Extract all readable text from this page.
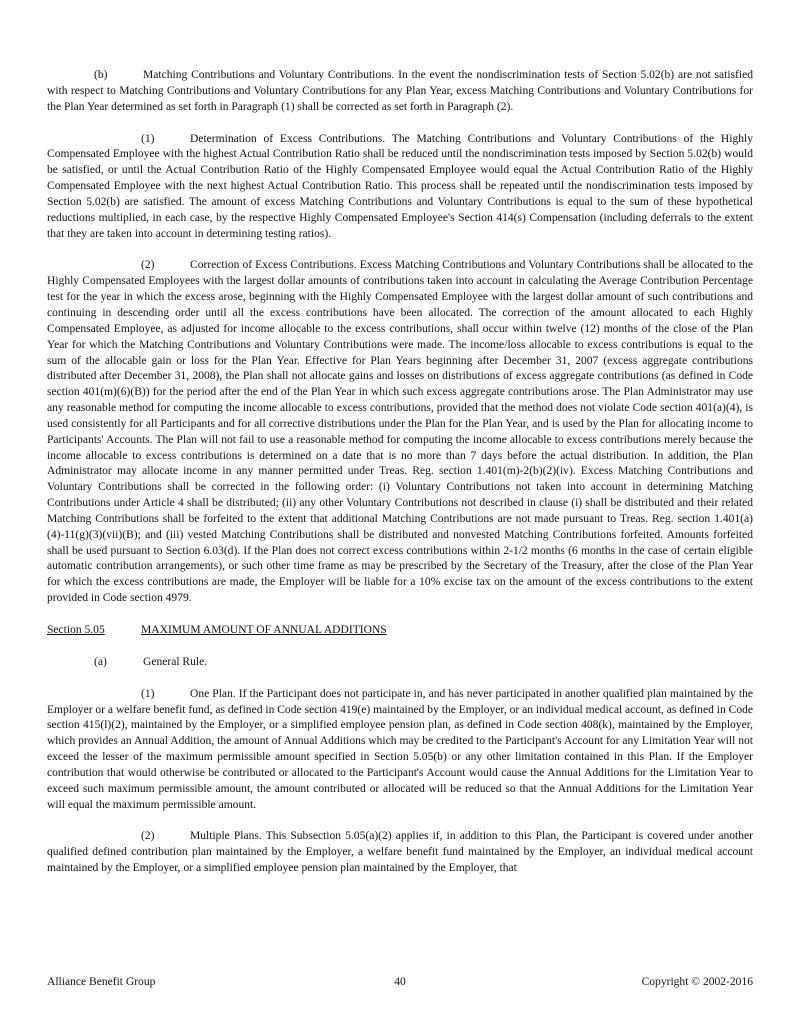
(b)	Matching Contributions and Voluntary Contributions. In the event the nondiscrimination tests of Section 5.02(b) are not satisfied with respect to Matching Contributions and Voluntary Contributions for any Plan Year, excess Matching Contributions and Voluntary Contributions for the Plan Year determined as set forth in Paragraph (1) shall be corrected as set forth in Paragraph (2).

(1)	Determination of Excess Contributions. The Matching Contributions and Voluntary Contributions of the Highly Compensated Employee with the highest Actual Contribution Ratio shall be reduced until the nondiscrimination tests imposed by Section 5.02(b) would be satisfied, or until the Actual Contribution Ratio of the Highly Compensated Employee would equal the Actual Contribution Ratio of the Highly Compensated Employee with the next highest Actual Contribution Ratio. This process shall be repeated until the nondiscrimination tests imposed by Section 5.02(b) are satisfied. The amount of excess Matching Contributions and Voluntary Contributions is equal to the sum of these hypothetical reductions multiplied, in each case, by the respective Highly Compensated Employee's Section 414(s) Compensation (including deferrals to the extent that they are taken into account in determining testing ratios).

(2)	Correction of Excess Contributions. Excess Matching Contributions and Voluntary Contributions shall be allocated to the Highly Compensated Employees with the largest dollar amounts of contributions taken into account in calculating the Average Contribution Percentage test for the year in which the excess arose, beginning with the Highly Compensated Employee with the largest dollar amount of such contributions and continuing in descending order until all the excess contributions have been allocated. The correction of the amount allocated to each Highly Compensated Employee, as adjusted for income allocable to the excess contributions, shall occur within twelve (12) months of the close of the Plan Year for which the Matching Contributions and Voluntary Contributions were made. The income/loss allocable to excess contributions is equal to the sum of the allocable gain or loss for the Plan Year. Effective for Plan Years beginning after December 31, 2007 (excess aggregate contributions distributed after December 31, 2008), the Plan shall not allocate gains and losses on distributions of excess aggregate contributions (as defined in Code section 401(m)(6)(B)) for the period after the end of the Plan Year in which such excess aggregate contributions arose. The Plan Administrator may use any reasonable method for computing the income allocable to excess contributions, provided that the method does not violate Code section 401(a)(4), is used consistently for all Participants and for all corrective distributions under the Plan for the Plan Year, and is used by the Plan for allocating income to Participants' Accounts. The Plan will not fail to use a reasonable method for computing the income allocable to excess contributions merely because the income allocable to excess contributions is determined on a date that is no more than 7 days before the actual distribution. In addition, the Plan Administrator may allocate income in any manner permitted under Treas. Reg. section 1.401(m)-2(b)(2)(iv). Excess Matching Contributions and Voluntary Contributions shall be corrected in the following order: (i) Voluntary Contributions not taken into account in determining Matching Contributions under Article 4 shall be distributed; (ii) any other Voluntary Contributions not described in clause (i) shall be distributed and their related Matching Contributions shall be forfeited to the extent that additional Matching Contributions are not made pursuant to Treas. Reg. section 1.401(a)(4)-11(g)(3)(vii)(B); and (iii) vested Matching Contributions shall be distributed and nonvested Matching Contributions forfeited. Amounts forfeited shall be used pursuant to Section 6.03(d). If the Plan does not correct excess contributions within 2-1/2 months (6 months in the case of certain eligible automatic contribution arrangements), or such other time frame as may be prescribed by the Secretary of the Treasury, after the close of the Plan Year for which the excess contributions are made, the Employer will be liable for a 10% excise tax on the amount of the excess contributions to the extent provided in Code section 4979.

Section 5.05	MAXIMUM AMOUNT OF ANNUAL ADDITIONS
(a)	General Rule.

(1)	One Plan. If the Participant does not participate in, and has never participated in another qualified plan maintained by the Employer or a welfare benefit fund, as defined in Code section 419(e) maintained by the Employer, or an individual medical account, as defined in Code section 415(l)(2), maintained by the Employer, or a simplified employee pension plan, as defined in Code section 408(k), maintained by the Employer, which provides an Annual Addition, the amount of Annual Additions which may be credited to the Participant's Account for any Limitation Year will not exceed the lesser of the maximum permissible amount specified in Section 5.05(b) or any other limitation contained in this Plan. If the Employer contribution that would otherwise be contributed or allocated to the Participant's Account would cause the Annual Additions for the Limitation Year to exceed such maximum permissible amount, the amount contributed or allocated will be reduced so that the Annual Additions for the Limitation Year will equal the maximum permissible amount.

(2)	Multiple Plans. This Subsection 5.05(a)(2) applies if, in addition to this Plan, the Participant is covered under another qualified defined contribution plan maintained by the Employer, a welfare benefit fund maintained by the Employer, an individual medical account maintained by the Employer, or a simplified employee pension plan maintained by the Employer, that

Alliance Benefit Group	40	Copyright © 2002-2016
